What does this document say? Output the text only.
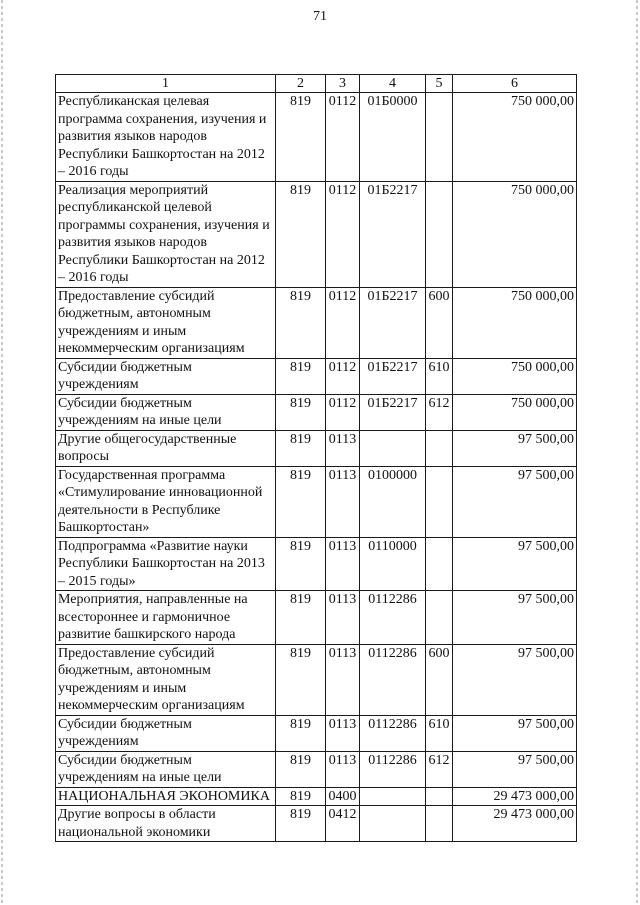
71
1	2	3	4	5	6
Республиканская целевая программа сохранения, изучения и развития языков народов Республики Башкортостан на 2012 – 2016 годы	819	0112	01Б0000		750 000,00
Реализация мероприятий республиканской целевой программы сохранения, изучения и развития языков народов Республики Башкортостан на 2012 – 2016 годы	819	0112	01Б2217		750 000,00
Предоставление субсидий бюджетным, автономным учреждениям и иным некоммерческим организациям	819	0112	01Б2217	600	750 000,00
Субсидии бюджетным учреждениям	819	0112	01Б2217	610	750 000,00
Субсидии бюджетным учреждениям на иные цели	819	0112	01Б2217	612	750 000,00
Другие общегосударственные вопросы	819	0113			97 500,00
Государственная программа «Стимулирование инновационной деятельности в Республике Башкортостан»	819	0113	0100000		97 500,00
Подпрограмма «Развитие науки Республики Башкортостан на 2013 – 2015 годы»	819	0113	0110000		97 500,00
Мероприятия, направленные на всестороннее и гармоничное развитие башкирского народа	819	0113	0112286		97 500,00
Предоставление субсидий бюджетным, автономным учреждениям и иным некоммерческим организациям	819	0113	0112286	600	97 500,00
Субсидии бюджетным учреждениям	819	0113	0112286	610	97 500,00
Субсидии бюджетным учреждениям на иные цели	819	0113	0112286	612	97 500,00
НАЦИОНАЛЬНАЯ ЭКОНОМИКА	819	0400			29 473 000,00
Другие вопросы в области национальной экономики	819	0412			29 473 000,00
